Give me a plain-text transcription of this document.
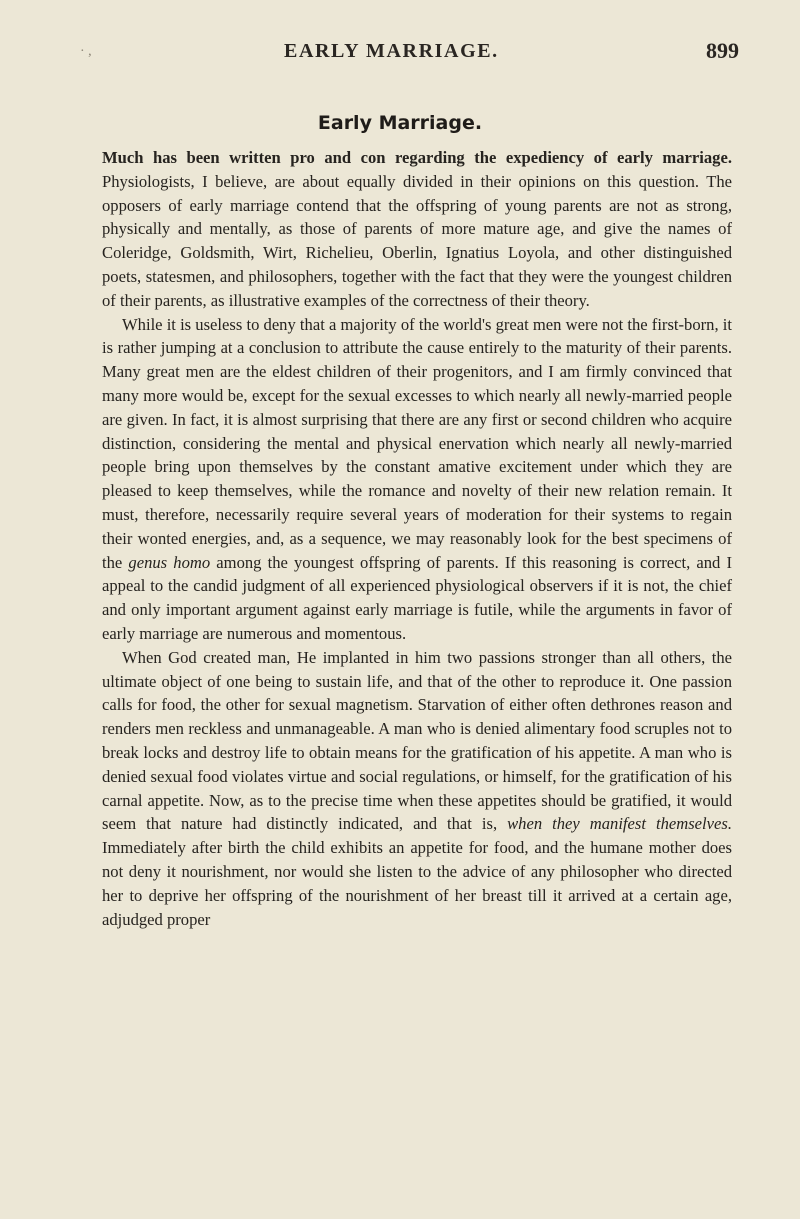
· ,	EARLY MARRIAGE.	899
Early Marriage.

Much has been written pro and con regarding the expediency of early marriage. Physiologists, I believe, are about equally divided in their opinions on this question. The opposers of early marriage contend that the offspring of young parents are not as strong, physically and mentally, as those of parents of more mature age, and give the names of Coleridge, Goldsmith, Wirt, Richelieu, Oberlin, Ignatius Loyola, and other distinguished poets, statesmen, and philosophers, together with the fact that they were the youngest children of their parents, as illustrative examples of the correctness of their theory.

While it is useless to deny that a majority of the world's great men were not the first-born, it is rather jumping at a conclusion to attribute the cause entirely to the maturity of their parents. Many great men are the eldest children of their progenitors, and I am firmly convinced that many more would be, except for the sexual excesses to which nearly all newly-married people are given. In fact, it is almost surprising that there are any first or second children who acquire distinction, considering the mental and physical enervation which nearly all newly-married people bring upon themselves by the constant amative excitement under which they are pleased to keep themselves, while the romance and novelty of their new relation remain. It must, therefore, necessarily require several years of moderation for their systems to regain their wonted energies, and, as a sequence, we may reasonably look for the best specimens of the genus homo among the youngest offspring of parents. If this reasoning is correct, and I appeal to the candid judgment of all experienced physiological observers if it is not, the chief and only important argument against early marriage is futile, while the arguments in favor of early marriage are numerous and momentous.

When God created man, He implanted in him two passions stronger than all others, the ultimate object of one being to sustain life, and that of the other to reproduce it. One passion calls for food, the other for sexual magnetism. Starvation of either often dethrones reason and renders men reckless and unmanageable. A man who is denied alimentary food scruples not to break locks and destroy life to obtain means for the gratification of his appetite. A man who is denied sexual food violates virtue and social regulations, or himself, for the gratification of his carnal appetite. Now, as to the precise time when these appetites should be gratified, it would seem that nature had distinctly indicated, and that is, when they manifest themselves. Immediately after birth the child exhibits an appetite for food, and the humane mother does not deny it nourishment, nor would she listen to the advice of any philosopher who directed her to deprive her offspring of the nourishment of her breast till it arrived at a certain age, adjudged proper
